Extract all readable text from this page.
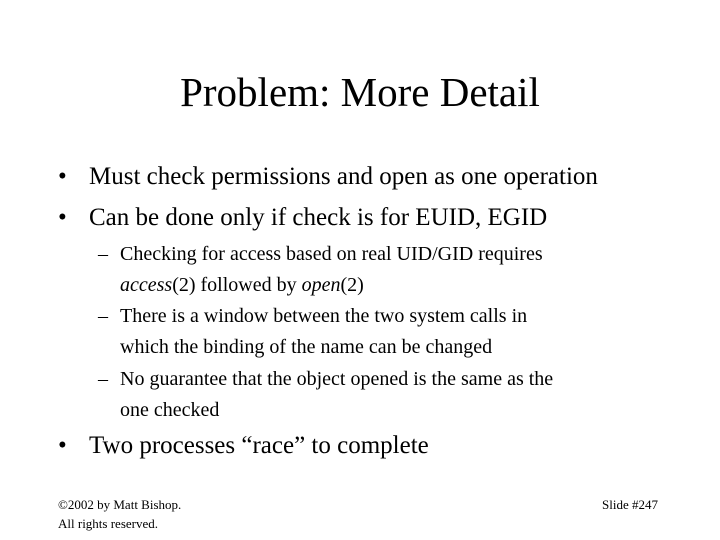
Problem: More Detail
• Must check permissions and open as one operation
• Can be done only if check is for EUID, EGID
– Checking for access based on real UID/GID requires
access(2) followed by open(2)
– There is a window between the two system calls in
which the binding of the name can be changed
– No guarantee that the object opened is the same as the
one checked
• Two processes “race” to complete
©2002 by Matt Bishop.
All rights reserved.
Slide #247
